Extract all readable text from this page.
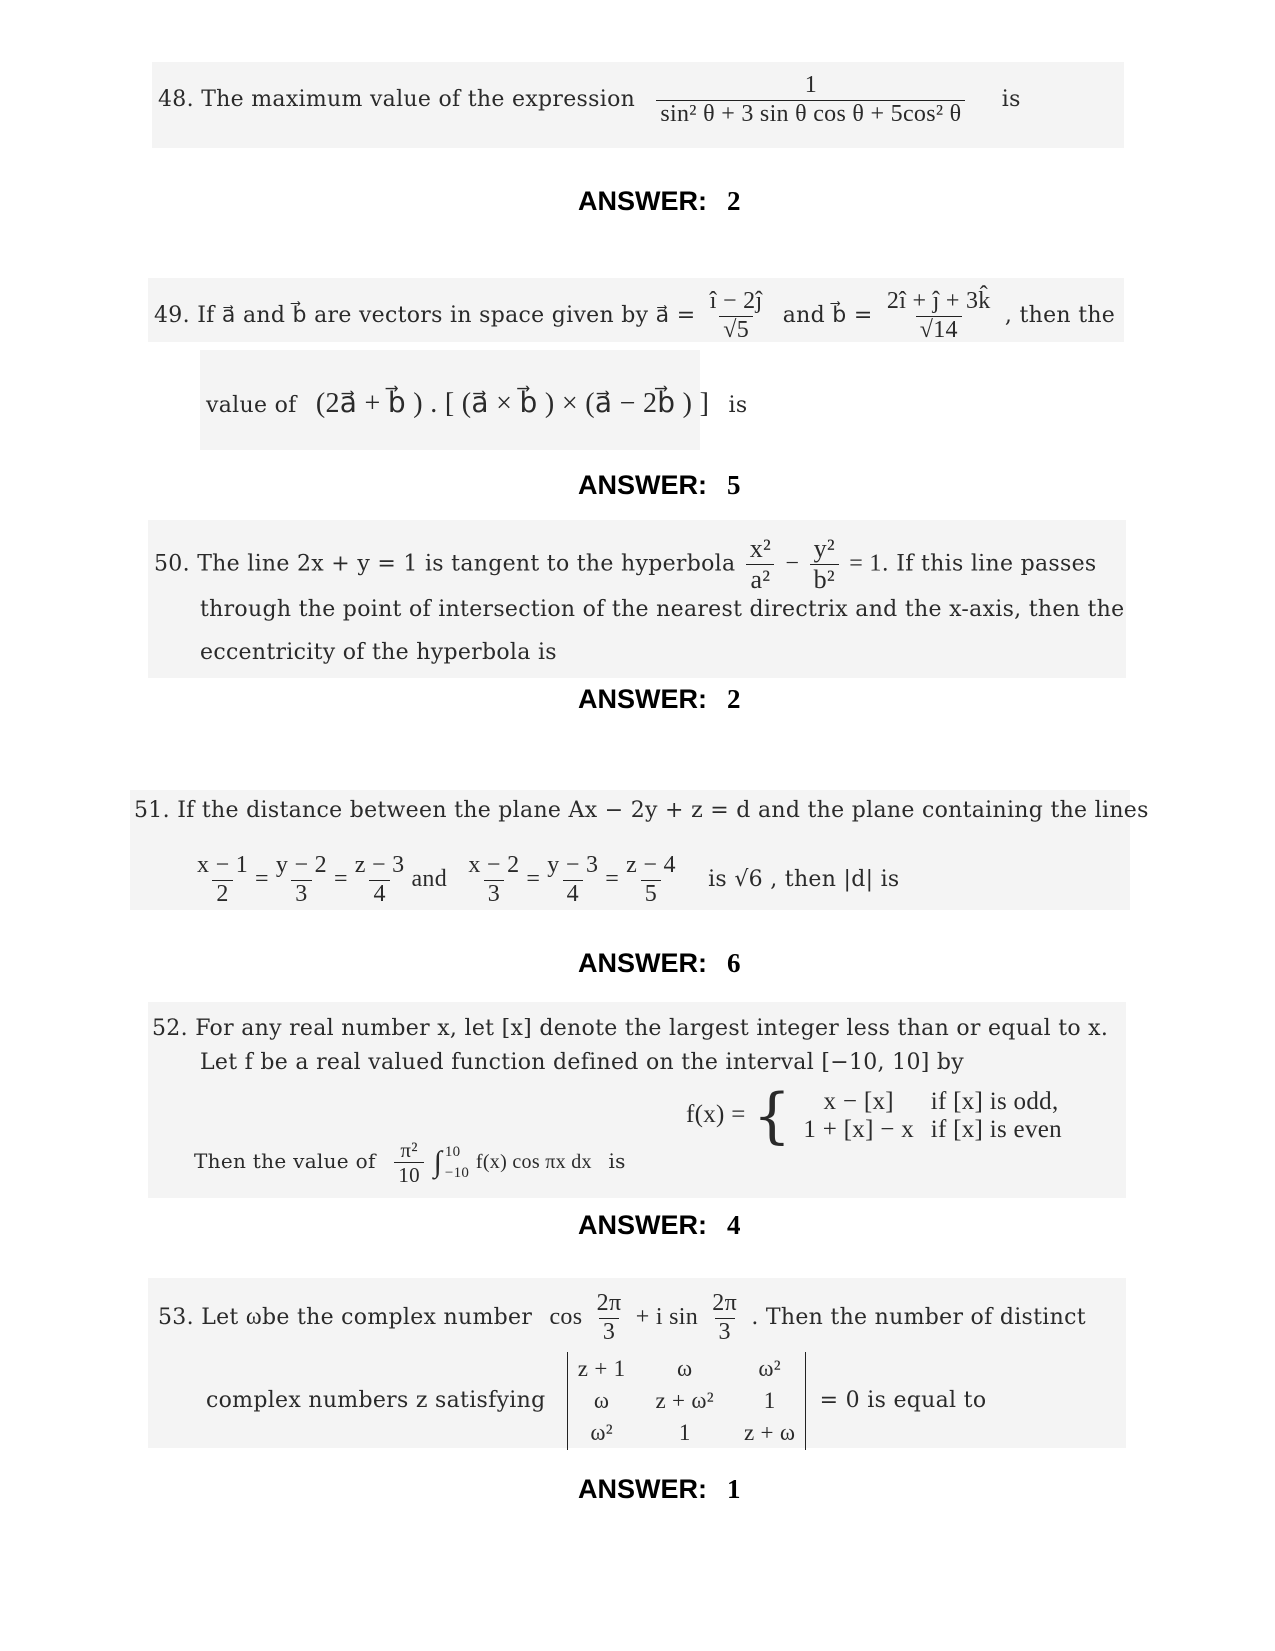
48. The maximum value of the expression $\frac{1}{\text{sin² θ + 3 sin θ cos θ + 5cos² θ}}$ is
ANSWER: 2
49. If a⃗ and b⃗ are vectors in space given by a⃗ = $\frac{î - 2ĵ}{√5}$ and b⃗ = $\frac{2î + ĵ + 3k̂}{√14}$ , then the
value of (2a⃗ + b⃗ ) . [ (a⃗ × b⃗ ) × (a⃗ − 2b⃗ ) ] is
ANSWER: 5
50. The line 2x + y = 1 is tangent to the hyperbola $\frac{\text{x²}}{\text{a²}} - \frac{\text{y²}}{\text{b²}} = 1$. If this line passes
through the point of intersection of the nearest directrix and the x-axis, then the
eccentricity of the hyperbola is
ANSWER: 2
51. If the distance between the plane Ax − 2y + z = d and the plane containing the lines
$\frac{x - 1}{2} = \frac{y - 2}{3} = \frac{z - 3}{4}$ and $\frac{x - 2}{3} = \frac{y - 3}{4} = \frac{z - 4}{5}$ is √6 , then |d| is
ANSWER: 6
52. For any real number x, let [x] denote the largest integer less than or equal to x.
Let f be a real valued function defined on the interval [−10, 10] by
f(x) = {	x − [x]	if [x] is odd,
1 + [x] − x if [x] is even
Then the value of $\frac{\text{π²}}{10}$ ∫ 10
−10 f(x) cos πx dx is
ANSWER: 4
53. Let ωbe the complex number $\cos \frac{2\pi}{3} + i$ $\sin \frac{2\pi}{3}$ . Then the number of distinct
complex numbers z satisfying
z + 1	ω	ω²
ω	z + ω²	1
ω²	1	z + ω
= 0 is equal to
ANSWER: 1
